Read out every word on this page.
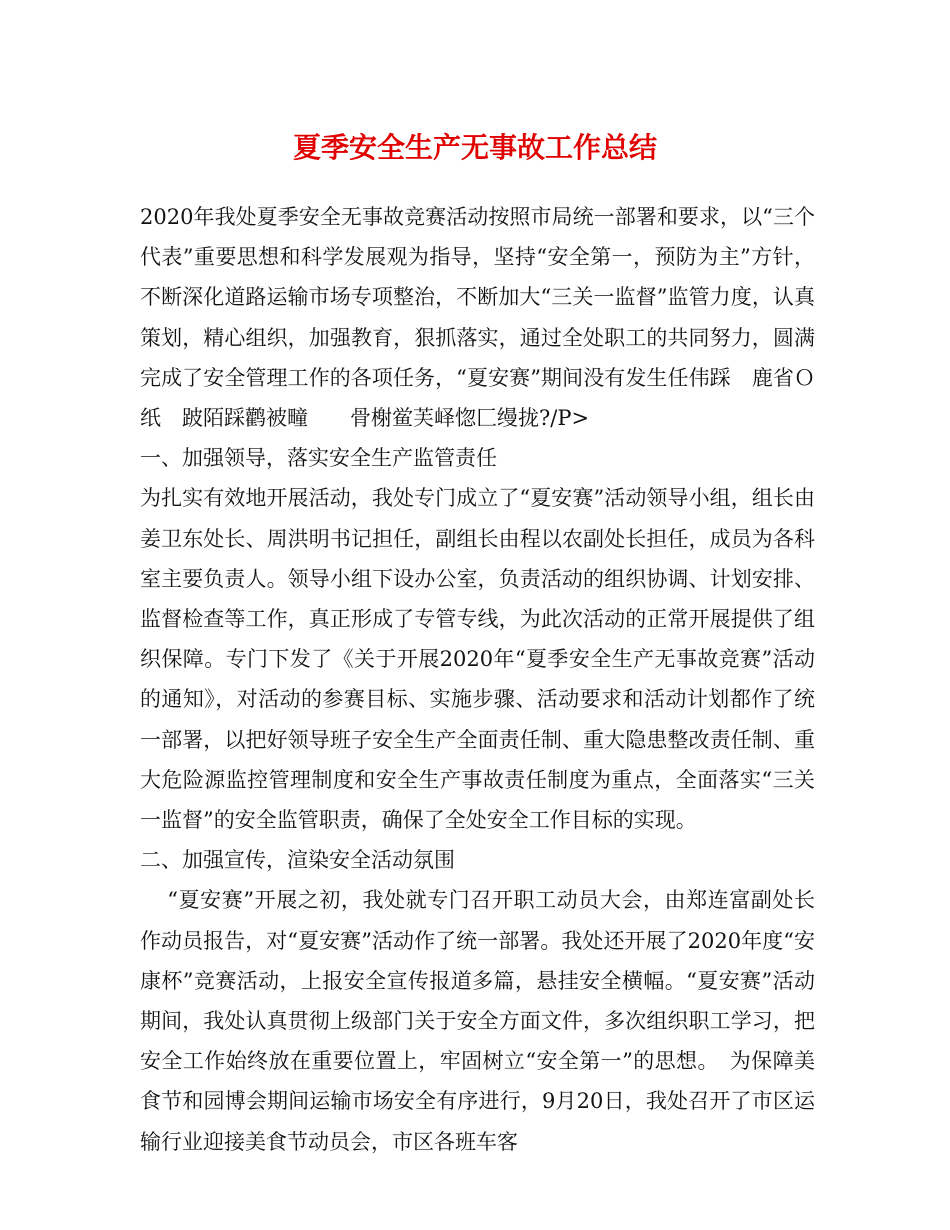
夏季安全生产无事故工作总结

2020年我处夏季安全无事故竞赛活动按照市局统一部署和要求，以“三个代表”重要思想和科学发展观为指导，坚持“安全第一，预防为主”方针，不断深化道路运输市场专项整治，不断加大“三关一监督”监管力度，认真策划，精心组织，加强教育，狠抓落实，通过全处职工的共同努力，圆满完成了安全管理工作的各项任务，“夏安赛”期间没有发生任伟踩　鹿省Ｏ纸　跛陌踩鹳被疃　　骨榭鲎芙峄惚匚缦拢?/P>

一、加强领导，落实安全生产监管责任

为扎实有效地开展活动，我处专门成立了“夏安赛”活动领导小组，组长由姜卫东处长、周洪明书记担任，副组长由程以农副处长担任，成员为各科室主要负责人。领导小组下设办公室，负责活动的组织协调、计划安排、监督检查等工作，真正形成了专管专线，为此次活动的正常开展提供了组织保障。专门下发了《关于开展2020年“夏季安全生产无事故竞赛”活动的通知》，对活动的参赛目标、实施步骤、活动要求和活动计划都作了统一部署，以把好领导班子安全生产全面责任制、重大隐患整改责任制、重大危险源监控管理制度和安全生产事故责任制度为重点，全面落实“三关一监督”的安全监管职责，确保了全处安全工作目标的实现。

二、加强宣传，渲染安全活动氛围

“夏安赛”开展之初，我处就专门召开职工动员大会，由郑连富副处长作动员报告，对“夏安赛”活动作了统一部署。我处还开展了2020年度“安康杯”竞赛活动，上报安全宣传报道多篇，悬挂安全横幅。“夏安赛”活动期间，我处认真贯彻上级部门关于安全方面文件，多次组织职工学习，把安全工作始终放在重要位置上，牢固树立“安全第一”的思想。　为保障美食节和园博会期间运输市场安全有序进行，9月20日，我处召开了市区运输行业迎接美食节动员会，市区各班车客
